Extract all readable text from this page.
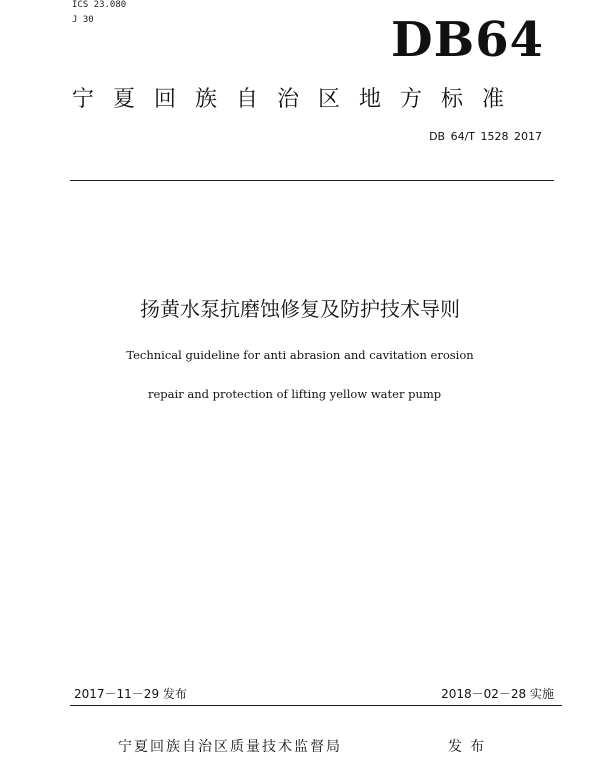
ICS 23.080
J 30	DB64
宁夏回族自治区地方标准
DB 64/T 1528 2017
扬黄水泵抗磨蚀修复及防护技术导则
Technical guideline for anti abrasion and cavitation erosion
repair and protection of lifting yellow water pump
2017－11－29 发布	2018－02－28 实施
宁夏回族自治区质量技术监督局	发布
